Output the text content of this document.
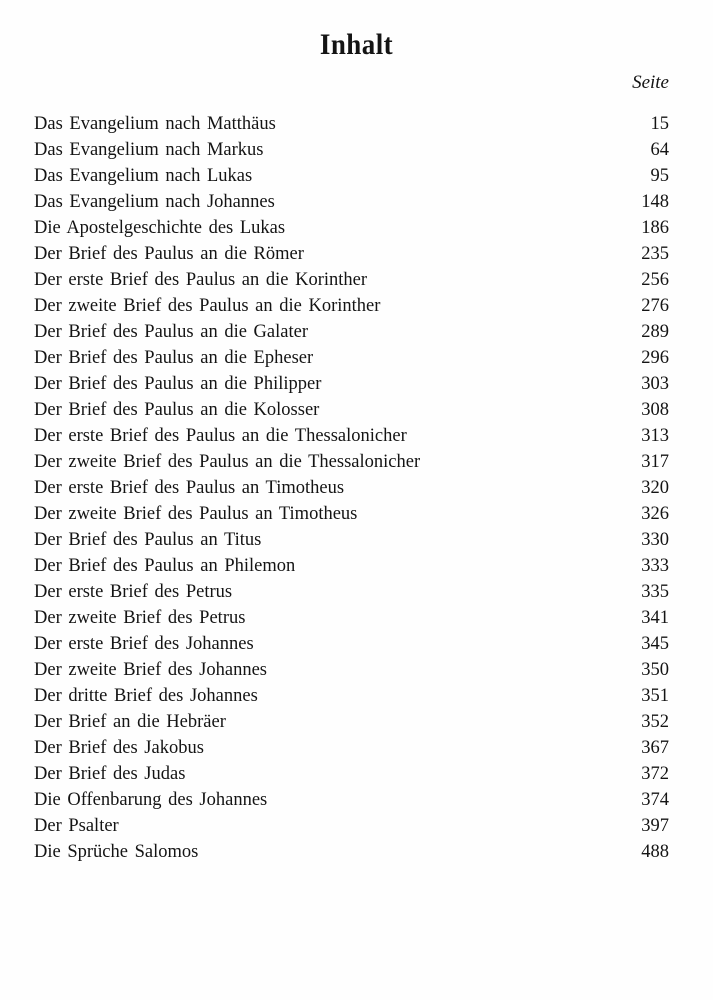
Inhalt
Seite
Das Evangelium nach Matthäus	15
Das Evangelium nach Markus	64
Das Evangelium nach Lukas	95
Das Evangelium nach Johannes	148
Die Apostelgeschichte des Lukas	186
Der Brief des Paulus an die Römer	235
Der erste Brief des Paulus an die Korinther	256
Der zweite Brief des Paulus an die Korinther	276
Der Brief des Paulus an die Galater	289
Der Brief des Paulus an die Epheser	296
Der Brief des Paulus an die Philipper	303
Der Brief des Paulus an die Kolosser	308
Der erste Brief des Paulus an die Thessalonicher	313
Der zweite Brief des Paulus an die Thessalonicher	317
Der erste Brief des Paulus an Timotheus	320
Der zweite Brief des Paulus an Timotheus	326
Der Brief des Paulus an Titus	330
Der Brief des Paulus an Philemon	333
Der erste Brief des Petrus	335
Der zweite Brief des Petrus	341
Der erste Brief des Johannes	345
Der zweite Brief des Johannes	350
Der dritte Brief des Johannes	351
Der Brief an die Hebräer	352
Der Brief des Jakobus	367
Der Brief des Judas	372
Die Offenbarung des Johannes	374
Der Psalter	397
Die Sprüche Salomos	488
